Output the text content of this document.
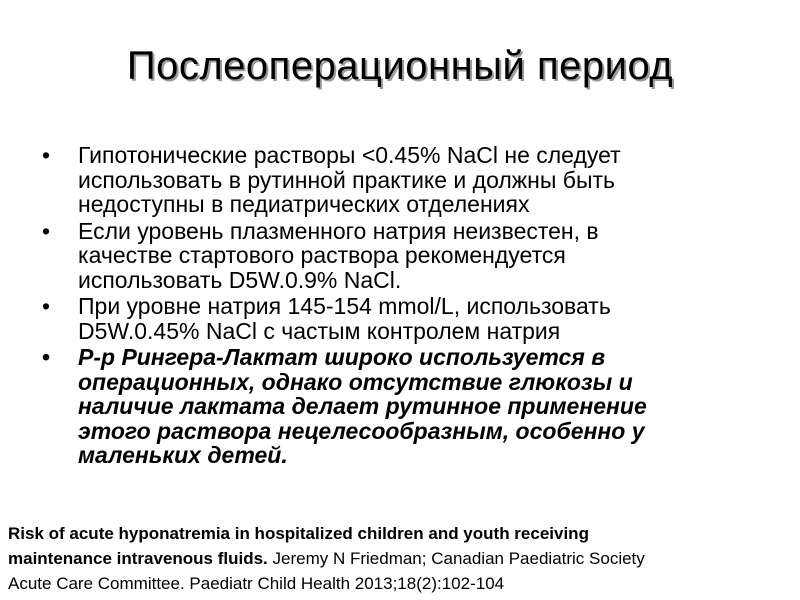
Послеоперационный период
• Гипотонические растворы <0.45% NaCl не следует
использовать в рутинной практике и должны быть
недоступны в педиатрических отделениях
• Если уровень плазменного натрия неизвестен, в
качестве стартового раствора рекомендуется
использовать D5W.0.9% NaCl.
• При уровне натрия 145-154 mmol/L, использовать
D5W.0.45% NaCl с частым контролем натрия
• Р-р Рингера-Лактат широко используется в
операционных, однако отсутствие глюкозы и
наличие лактата делает рутинное применение
этого раствора нецелесообразным, особенно у
маленьких детей.
Risk of acute hyponatremia in hospitalized children and youth receiving
maintenance intravenous fluids. Jeremy N Friedman; Canadian Paediatric Society
Acute Care Committee. Paediatr Child Health 2013;18(2):102-104
